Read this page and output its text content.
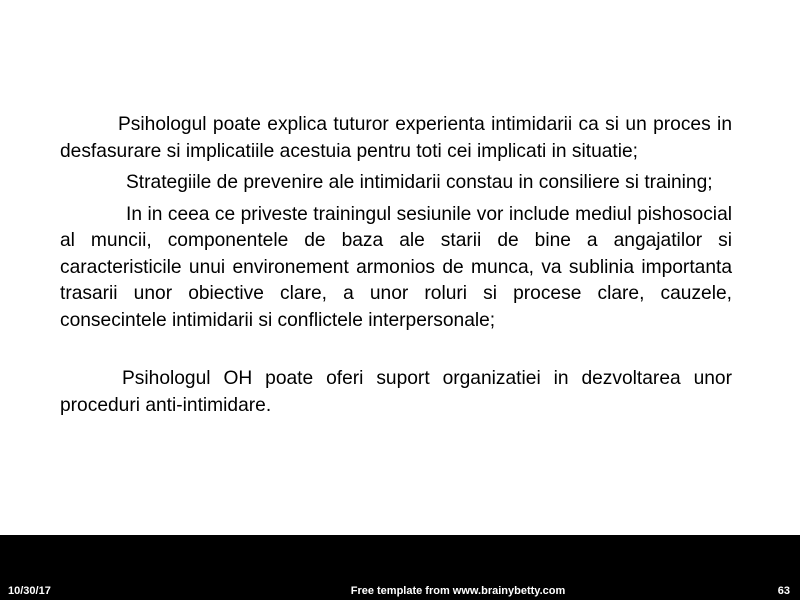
Psihologul poate explica tuturor experienta intimidarii ca si un proces in desfasurare si implicatiile acestuia pentru toti cei implicati in situatie;

Strategiile de prevenire ale intimidarii constau in consiliere si training;

In in ceea ce priveste trainingul sesiunile vor include mediul pishosocial al muncii, componentele de baza ale starii de bine a angajatilor si caracteristicile unui environement armonios de munca, va sublinia importanta trasarii unor obiective clare, a unor roluri si procese clare, cauzele, consecintele intimidarii si conflictele interpersonale;

Psihologul OH poate oferi suport organizatiei in dezvoltarea unor proceduri anti-intimidare.

10/30/17	Free template from www.brainybetty.com	63
